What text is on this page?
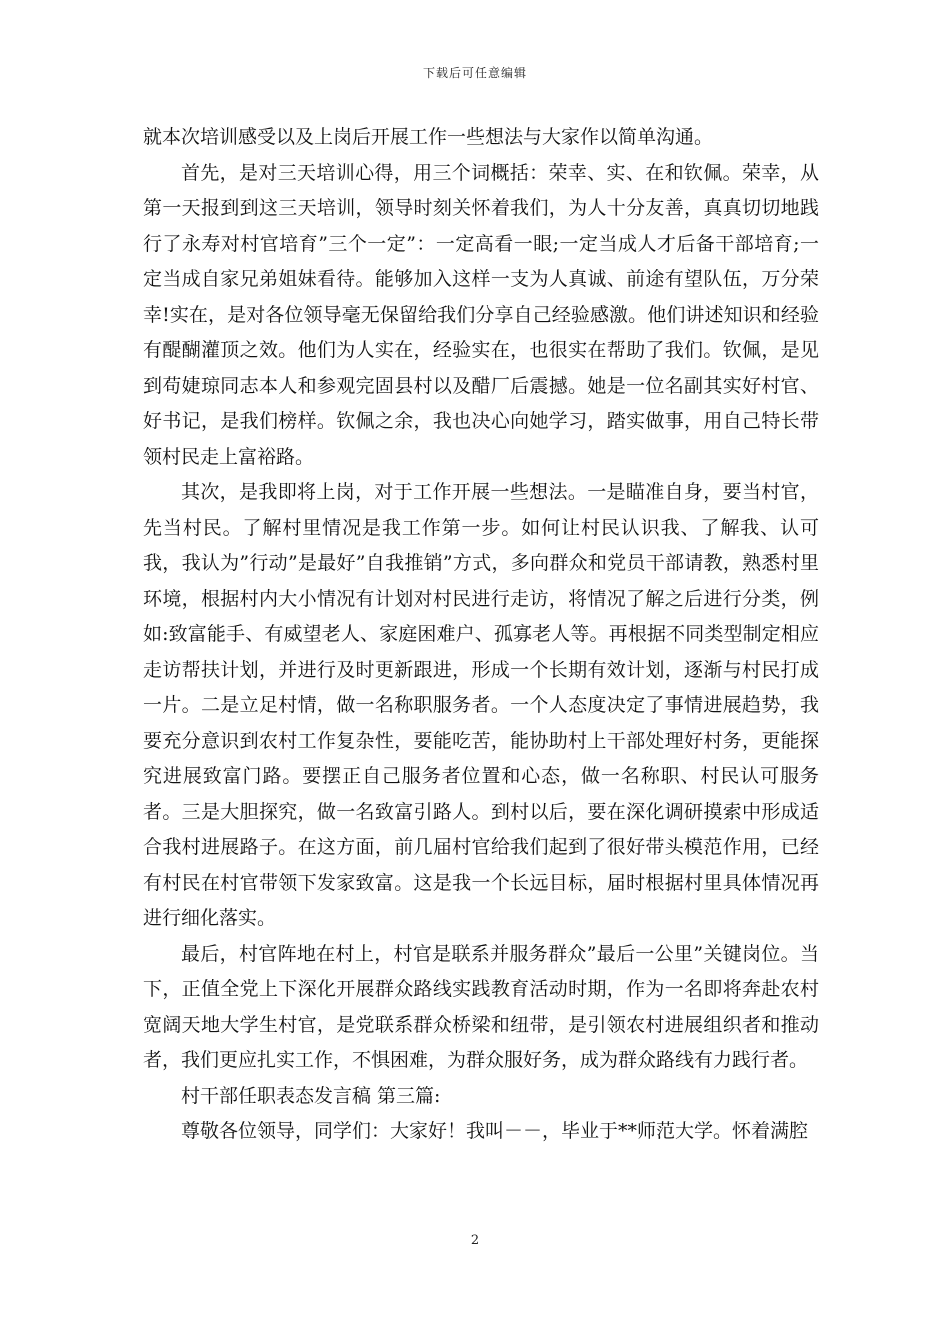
下载后可任意编辑

就本次培训感受以及上岗后开展工作一些想法与大家作以简单沟通。

首先，是对三天培训心得，用三个词概括：荣幸、实、在和钦佩。荣幸，从第一天报到到这三天培训，领导时刻关怀着我们，为人十分友善，真真切切地践行了永寿对村官培育”三个一定”：一定高看一眼;一定当成人才后备干部培育;一定当成自家兄弟姐妹看待。能够加入这样一支为人真诚、前途有望队伍，万分荣幸!实在，是对各位领导毫无保留给我们分享自己经验感激。他们讲述知识和经验有醍醐灌顶之效。他们为人实在，经验实在，也很实在帮助了我们。钦佩，是见到苟婕琼同志本人和参观完固县村以及醋厂后震撼。她是一位名副其实好村官、好书记，是我们榜样。钦佩之余，我也决心向她学习，踏实做事，用自己特长带领村民走上富裕路。

其次，是我即将上岗，对于工作开展一些想法。一是瞄准自身，要当村官，先当村民。了解村里情况是我工作第一步。如何让村民认识我、了解我、认可我，我认为”行动”是最好”自我推销”方式，多向群众和党员干部请教，熟悉村里环境，根据村内大小情况有计划对村民进行走访，将情况了解之后进行分类，例如:致富能手、有威望老人、家庭困难户、孤寡老人等。再根据不同类型制定相应走访帮扶计划，并进行及时更新跟进，形成一个长期有效计划，逐渐与村民打成一片。二是立足村情，做一名称职服务者。一个人态度决定了事情进展趋势，我要充分意识到农村工作复杂性，要能吃苦，能协助村上干部处理好村务，更能探究进展致富门路。要摆正自己服务者位置和心态，做一名称职、村民认可服务者。三是大胆探究，做一名致富引路人。到村以后，要在深化调研摸索中形成适合我村进展路子。在这方面，前几届村官给我们起到了很好带头模范作用，已经有村民在村官带领下发家致富。这是我一个长远目标，届时根据村里具体情况再进行细化落实。

最后，村官阵地在村上，村官是联系并服务群众”最后一公里”关键岗位。当下，正值全党上下深化开展群众路线实践教育活动时期，作为一名即将奔赴农村宽阔天地大学生村官，是党联系群众桥梁和纽带，是引领农村进展组织者和推动者，我们更应扎实工作，不惧困难，为群众服好务，成为群众路线有力践行者。

村干部任职表态发言稿 第三篇:

尊敬各位领导，同学们：大家好！我叫－－，毕业于**师范大学。怀着满腔

2
